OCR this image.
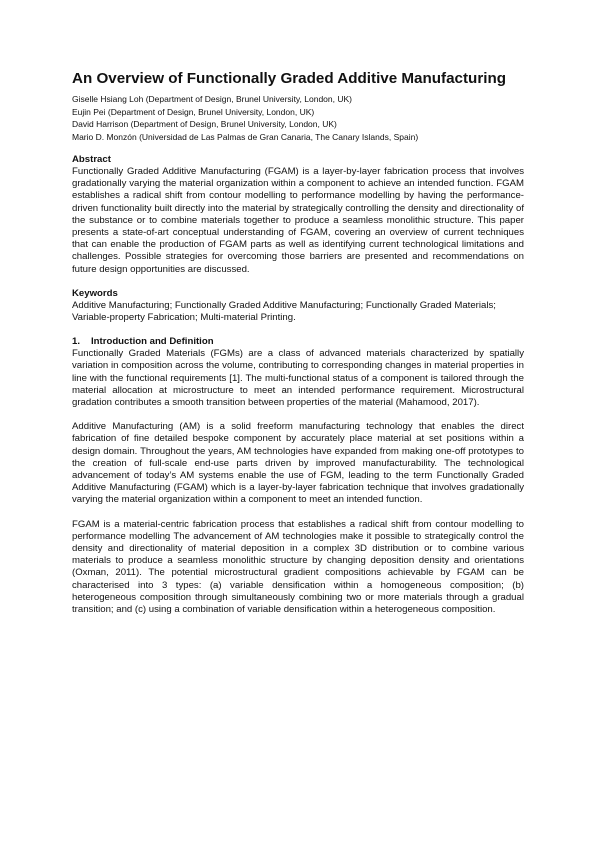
An Overview of Functionally Graded Additive Manufacturing

Giselle Hsiang Loh (Department of Design, Brunel University, London, UK)

Eujin Pei (Department of Design, Brunel University, London, UK)

David Harrison (Department of Design, Brunel University, London, UK)

Mario D. Monzón (Universidad de Las Palmas de Gran Canaria, The Canary Islands, Spain)

Abstract

Functionally Graded Additive Manufacturing (FGAM) is a layer-by-layer fabrication process that involves gradationally varying the material organization within a component to achieve an intended function. FGAM establishes a radical shift from contour modelling to performance modelling by having the performance-driven functionality built directly into the material by strategically controlling the density and directionality of the substance or to combine materials together to produce a seamless monolithic structure. This paper presents a state-of-art conceptual understanding of FGAM, covering an overview of current techniques that can enable the production of FGAM parts as well as identifying current technological limitations and challenges. Possible strategies for overcoming those barriers are presented and recommendations on future design opportunities are discussed.

Keywords

Additive Manufacturing; Functionally Graded Additive Manufacturing; Functionally Graded Materials; Variable-property Fabrication; Multi-material Printing.

1. Introduction and Definition

Functionally Graded Materials (FGMs) are a class of advanced materials characterized by spatially variation in composition across the volume, contributing to corresponding changes in material properties in line with the functional requirements [1]. The multi-functional status of a component is tailored through the material allocation at microstructure to meet an intended performance requirement. Microstructural gradation contributes a smooth transition between properties of the material (Mahamood, 2017).

Additive Manufacturing (AM) is a solid freeform manufacturing technology that enables the direct fabrication of fine detailed bespoke component by accurately place material at set positions within a design domain. Throughout the years, AM technologies have expanded from making one-off prototypes to the creation of full-scale end-use parts driven by improved manufacturability. The technological advancement of today’s AM systems enable the use of FGM, leading to the term Functionally Graded Additive Manufacturing (FGAM) which is a layer-by-layer fabrication technique that involves gradationally varying the material organization within a component to meet an intended function.

FGAM is a material-centric fabrication process that establishes a radical shift from contour modelling to performance modelling The advancement of AM technologies make it possible to strategically control the density and directionality of material deposition in a complex 3D distribution or to combine various materials to produce a seamless monolithic structure by changing deposition density and orientations (Oxman, 2011). The potential microstructural gradient compositions achievable by FGAM can be characterised into 3 types: (a) variable densification within a homogeneous composition; (b) heterogeneous composition through simultaneously combining two or more materials through a gradual transition; and (c) using a combination of variable densification within a heterogeneous composition.
